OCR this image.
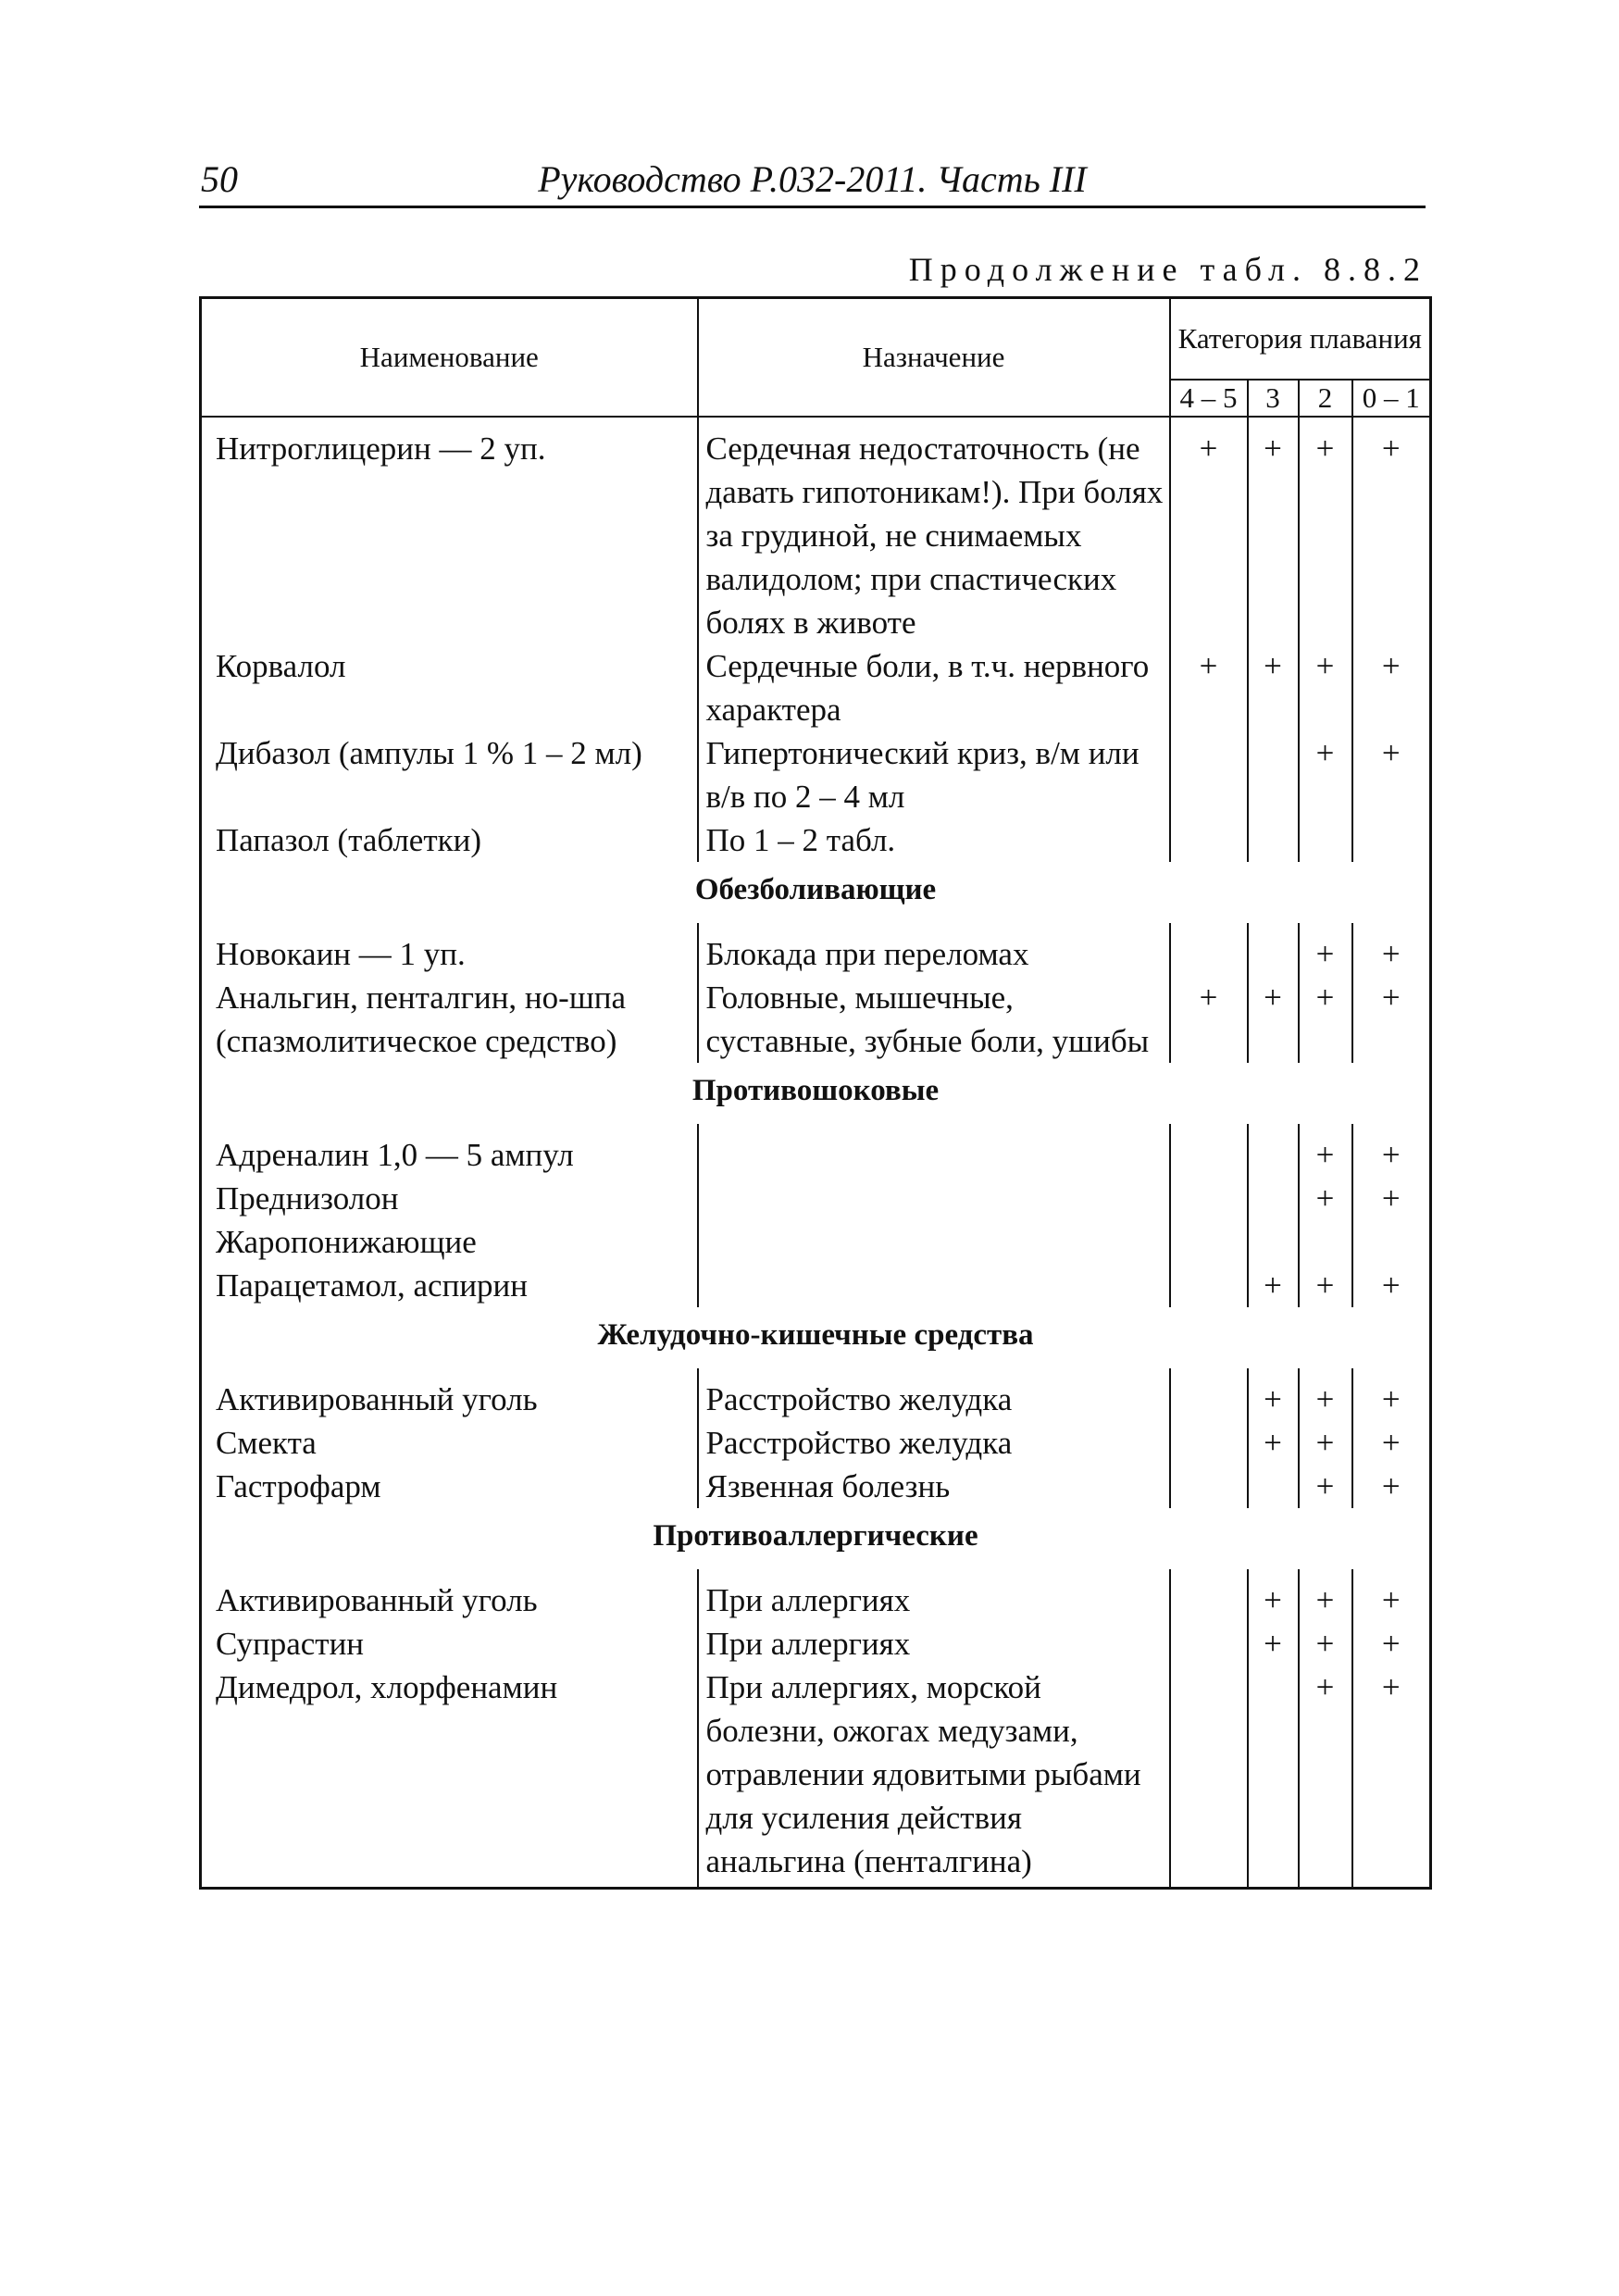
50	Руководство Р.032-2011. Часть III
Продолжение табл. 8.8.2
Наименование	Назначение	Категория плавания			
		4 – 5	3	2	0 – 1
Нитроглицерин — 2 уп.	Сердечная недостаточность (не давать гипотоникам!). При болях за грудиной, не снимаемых валидолом; при спастических болях в животе	+	+	+	+
Корвалол	Сердечные боли, в т.ч. нервного характера	+	+	+	+
Дибазол (ампулы 1 % 1 – 2 мл)	Гипертонический криз, в/м или в/в по 2 – 4 мл			+	+
Папазол (таблетки)	По 1 – 2 табл.				
Обезболивающие					
Новокаин — 1 уп.	Блокада при переломах			+	+
Анальгин, пенталгин, но-шпа (спазмолитическое средство)	Головные, мышечные, суставные, зубные боли, ушибы	+	+	+	+
Противошоковые					
Адреналин 1,0 — 5 ампул				+	+
Преднизолон				+	+
Жаропонижающие					
Парацетамол, аспирин			+	+	+
Желудочно-кишечные средства					
Активированный уголь	Расстройство желудка		+	+	+
Смекта	Расстройство желудка		+	+	+
Гастрофарм	Язвенная болезнь			+	+
Противоаллергические					
Активированный уголь	При аллергиях		+	+	+
Супрастин	При аллергиях		+	+	+
Димедрол, хлорфенамин	При аллергиях, морской болезни, ожогах медузами, отравлении ядовитыми рыбами для усиления действия анальгина (пенталгина)			+	+
